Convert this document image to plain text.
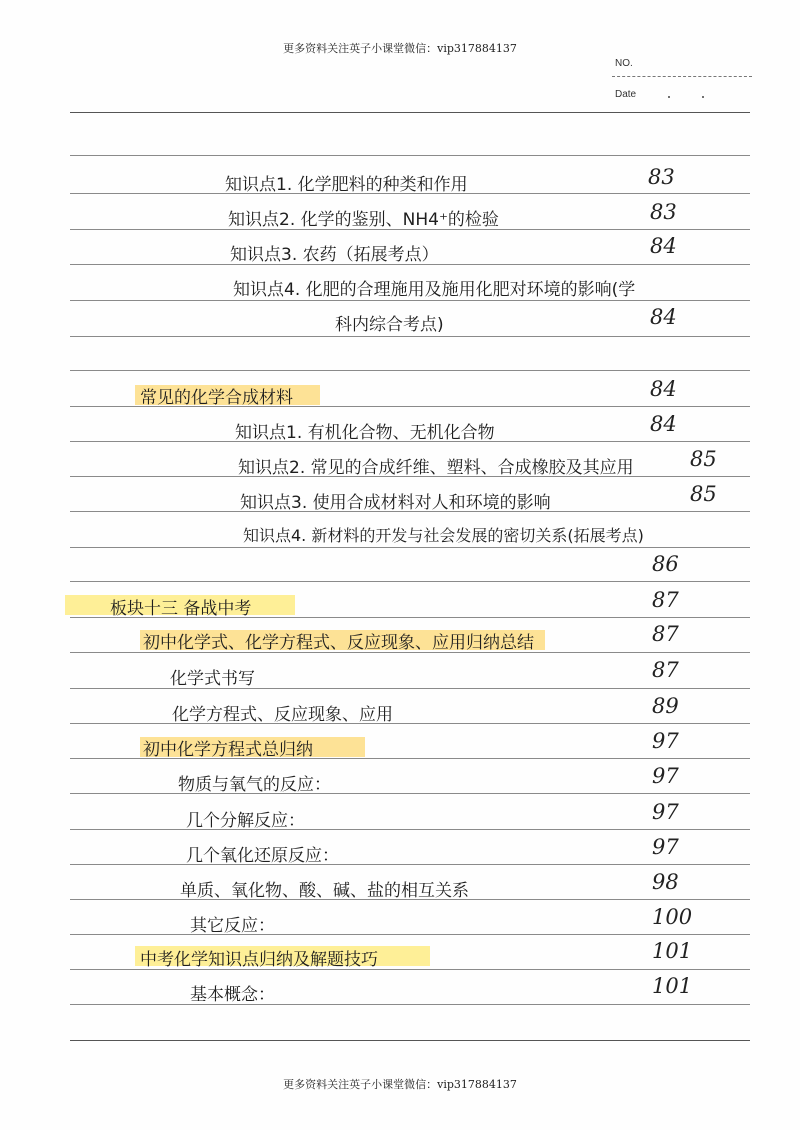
更多资料关注英子小课堂微信：vip317884137
NO.
Date
知识点1. 化学肥料的种类和作用	83
知识点2. 化学的鉴别、NH4⁺的检验	83
知识点3. 农药（拓展考点）	84
知识点4. 化肥的合理施用及施用化肥对环境的影响(学
科内综合考点)	84
常见的化学合成材料	84
知识点1. 有机化合物、无机化合物	84
知识点2. 常见的合成纤维、塑料、合成橡胶及其应用	85
知识点3. 使用合成材料对人和环境的影响	85
知识点4. 新材料的开发与社会发展的密切关系(拓展考点)
86
板块十三 备战中考	87
初中化学式、化学方程式、反应现象、应用归纳总结	87
化学式书写	87
化学方程式、反应现象、应用	89
初中化学方程式总归纳	97
物质与氧气的反应：	97
几个分解反应：	97
几个氧化还原反应：	97
单质、氧化物、酸、碱、盐的相互关系	98
其它反应：	100
中考化学知识点归纳及解题技巧	101
基本概念：	101
更多资料关注英子小课堂微信：vip317884137
